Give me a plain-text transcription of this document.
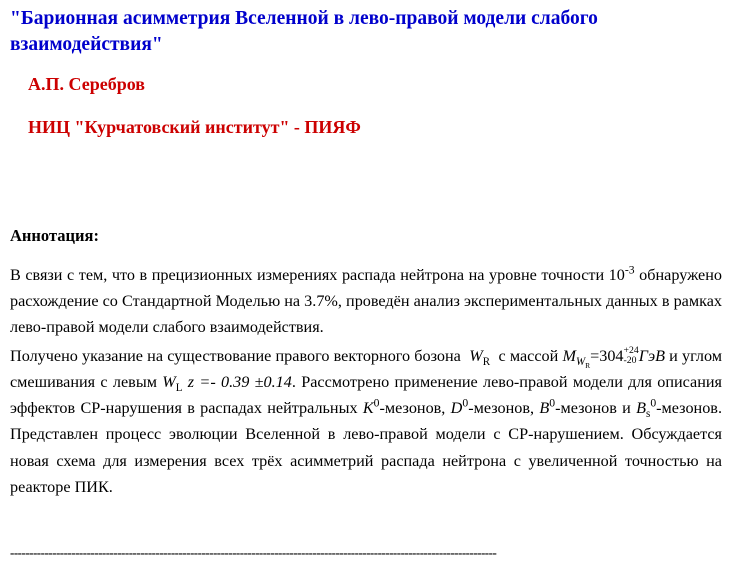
"Барионная асимметрия Вселенной в лево-правой модели слабого взаимодействия"
А.П. Серебров
НИЦ "Курчатовский институт" - ПИЯФ
Аннотация:

В связи с тем, что в прецизионных измерениях распада нейтрона на уровне точности $10^{-3}$ обнаружено расхождение со Стандартной Моделью на 3.7%, проведён анализ экспериментальных данных в рамках лево-правой модели слабого взаимодействия.

Получено указание на существование правого векторного бозона $W_R$ с массой $M_{W_R}=304 +24$
-20 ГэВ и углом смешивания с левым $W_L$ z =- 0.39 ±0.14. Рассмотрено применение лево-правой модели для описания эффектов СР-нарушения в распадах нейтральных $K^0$-мезонов, $D^0$-мезонов, $B^0$-мезонов и $B_s^0$-мезонов. Представлен процесс эволюции Вселенной в лево-правой модели с СР-нарушением. Обсуждается новая схема для измерения всех трёх асимметрий распада нейтрона с увеличенной точностью на реакторе ПИК.

-------------------------------------------------------------------------------------------------------------------------------
